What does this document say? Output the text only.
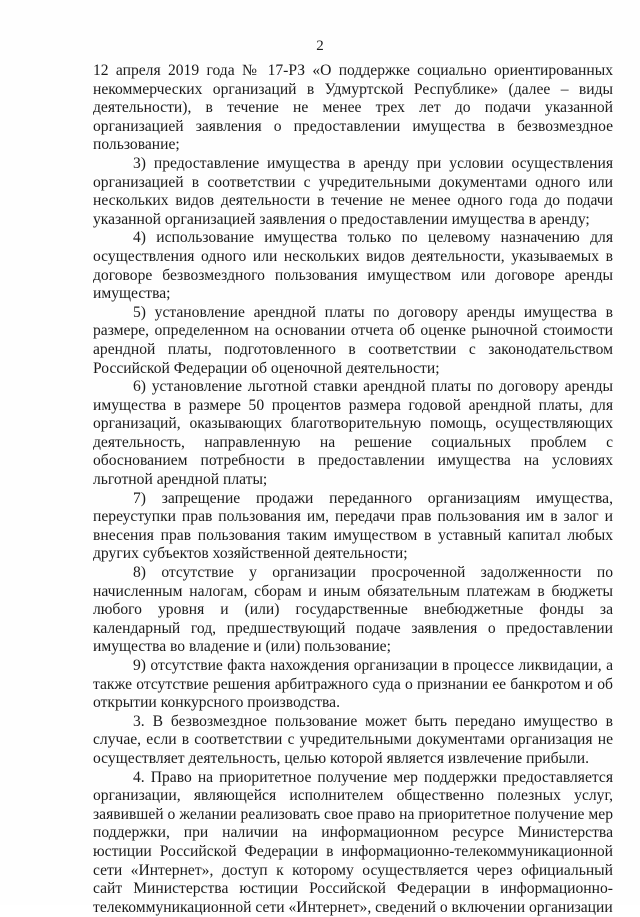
2

12 апреля 2019 года № 17-РЗ «О поддержке социально ориентированных некоммерческих организаций в Удмуртской Республике» (далее – виды деятельности), в течение не менее трех лет до подачи указанной организацией заявления о предоставлении имущества в безвозмездное пользование;

3) предоставление имущества в аренду при условии осуществления организацией в соответствии с учредительными документами одного или нескольких видов деятельности в течение не менее одного года до подачи указанной организацией заявления о предоставлении имущества в аренду;

4) использование имущества только по целевому назначению для осуществления одного или нескольких видов деятельности, указываемых в договоре безвозмездного пользования имуществом или договоре аренды имущества;

5) установление арендной платы по договору аренды имущества в размере, определенном на основании отчета об оценке рыночной стоимости арендной платы, подготовленного в соответствии с законодательством Российской Федерации об оценочной деятельности;

6) установление льготной ставки арендной платы по договору аренды имущества в размере 50 процентов размера годовой арендной платы, для организаций, оказывающих благотворительную помощь, осуществляющих деятельность, направленную на решение социальных проблем с обоснованием потребности в предоставлении имущества на условиях льготной арендной платы;

7) запрещение продажи переданного организациям имущества, переуступки прав пользования им, передачи прав пользования им в залог и внесения прав пользования таким имуществом в уставный капитал любых других субъектов хозяйственной деятельности;

8) отсутствие у организации просроченной задолженности по начисленным налогам, сборам и иным обязательным платежам в бюджеты любого уровня и (или) государственные внебюджетные фонды за календарный год, предшествующий подаче заявления о предоставлении имущества во владение и (или) пользование;

9) отсутствие факта нахождения организации в процессе ликвидации, а также отсутствие решения арбитражного суда о признании ее банкротом и об открытии конкурсного производства.

3. В безвозмездное пользование может быть передано имущество в случае, если в соответствии с учредительными документами организация не осуществляет деятельность, целью которой является извлечение прибыли.

4. Право на приоритетное получение мер поддержки предоставляется организации, являющейся исполнителем общественно полезных услуг, заявившей о желании реализовать свое право на приоритетное получение мер поддержки, при наличии на информационном ресурсе Министерства юстиции Российской Федерации в информационно-телекоммуникационной сети «Интернет», доступ к которому осуществляется через официальный сайт Министерства юстиции Российской Федерации в информационно-телекоммуникационной сети «Интернет», сведений о включении организации
